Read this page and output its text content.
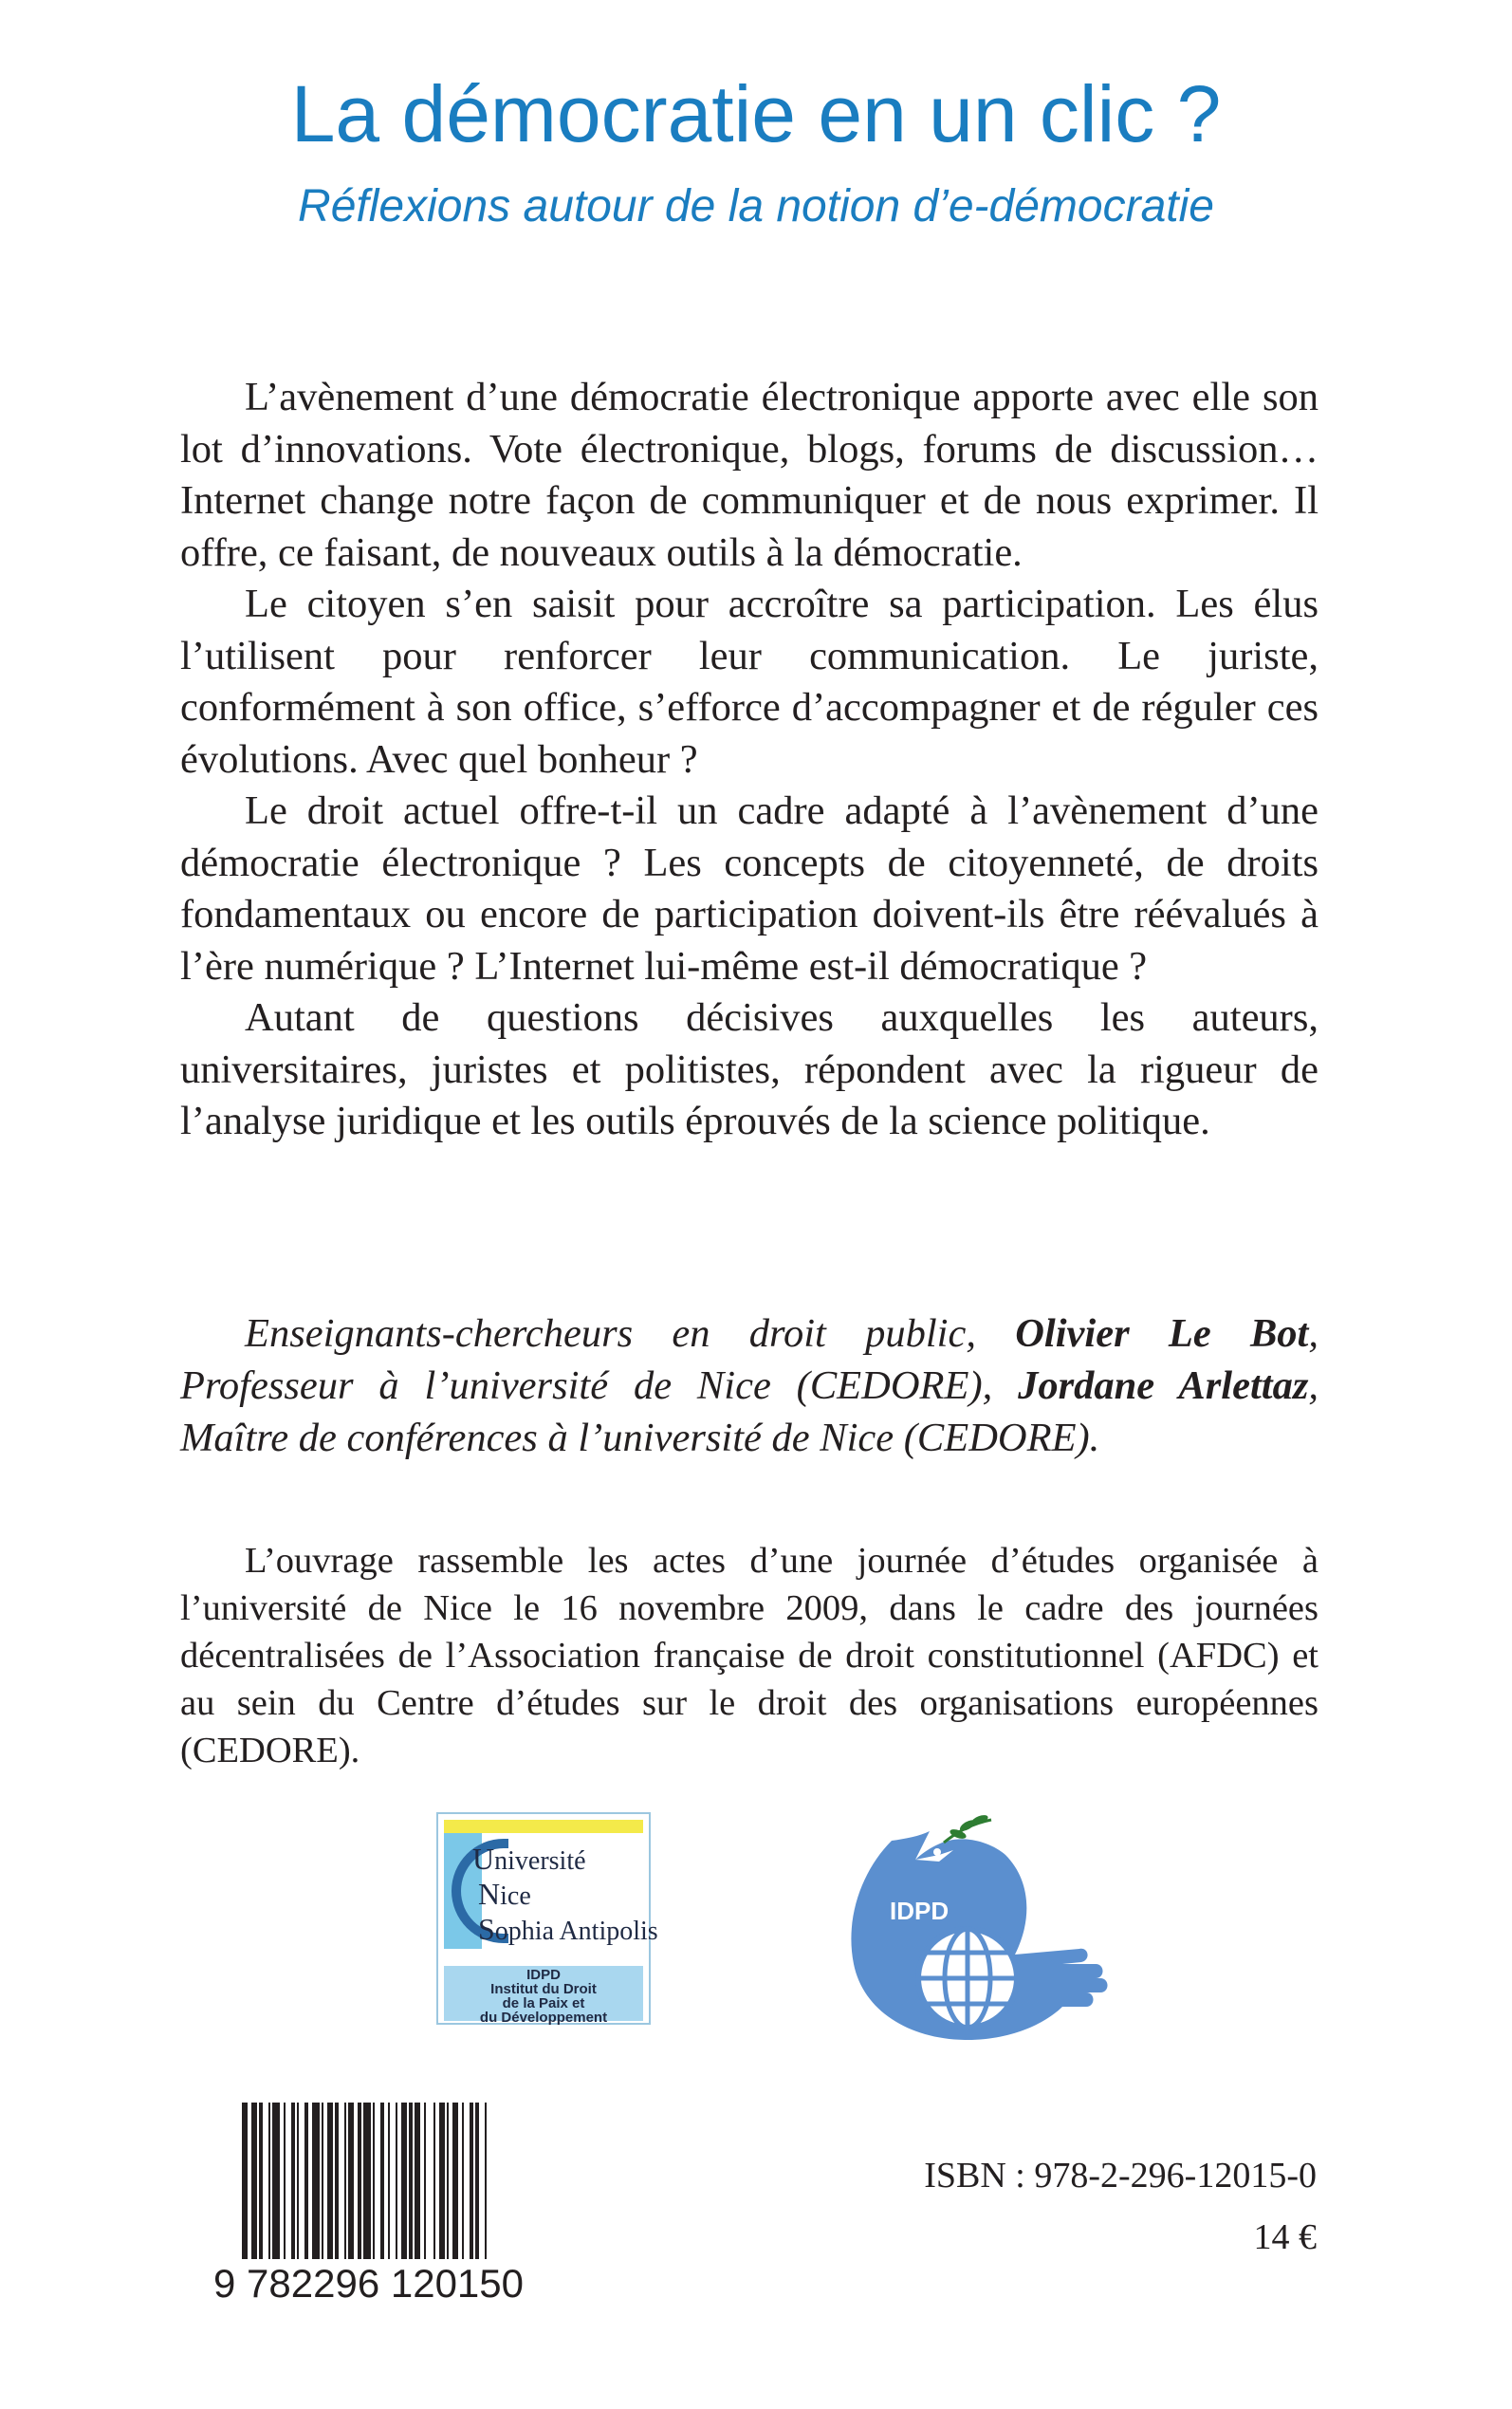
La démocratie en un clic ?
Réflexions autour de la notion d’e-démocratie

L’avènement d’une démocratie électronique apporte avec elle son lot d’innovations. Vote électronique, blogs, forums de discussion… Internet change notre façon de communiquer et de nous exprimer. Il offre, ce faisant, de nouveaux outils à la démocratie.

Le citoyen s’en saisit pour accroître sa participation. Les élus l’utilisent pour renforcer leur communication. Le juriste, conformément à son office, s’efforce d’accompagner et de réguler ces évolutions. Avec quel bonheur ?

Le droit actuel offre-t-il un cadre adapté à l’avènement d’une démocratie électronique ? Les concepts de citoyenneté, de droits fondamentaux ou encore de participation doivent-ils être réévalués à l’ère numérique ? L’Internet lui-même est-il démocratique ?

Autant de questions décisives auxquelles les auteurs, universitaires, juristes et politistes, répondent avec la rigueur de l’analyse juridique et les outils éprouvés de la science politique.

Enseignants-chercheurs en droit public, Olivier Le Bot, Professeur à l’université de Nice (CEDORE), Jordane Arlettaz, Maître de conférences à l’université de Nice (CEDORE).

L’ouvrage rassemble les actes d’une journée d’études organisée à l’université de Nice le 16 novembre 2009, dans le cadre des journées décentralisées de l’Association française de droit constitutionnel (AFDC) et au sein du Centre d’études sur le droit des organisations européennes (CEDORE).

Université
Nice
Sophia Antipolis
IDPD
Institut du Droit
de la Paix et
du Développement
IDPD
9 782296 120150
ISBN : 978-2-296-12015-0
14 €
